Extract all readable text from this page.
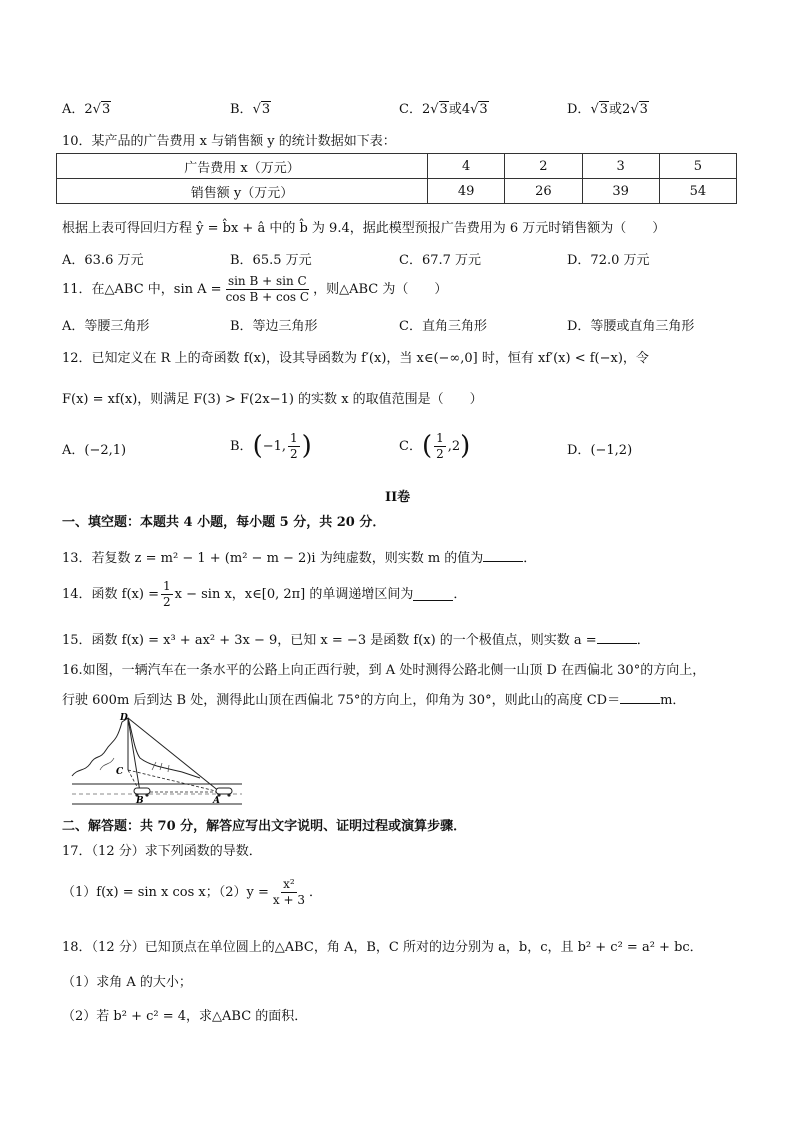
A．2√3	B．√3	C．2√3或4√3	D．√3或2√3
10．某产品的广告费用 x 与销售额 y 的统计数据如下表：
广告费用 x（万元）	4	2	3	5
销售额 y（万元）	49	26	39	54
根据上表可得回归方程 ŷ = b̂x + â 中的 b̂ 为 9.4，据此模型预报广告费用为 6 万元时销售额为（　　）
A．63.6 万元	B．65.5 万元	C．67.7 万元	D．72.0 万元
11．在△ABC 中，$\sin A = \frac{\text{sin B + sin C}}{\text{cos B + cos C}}$ ，则△ABC 为（　　）
A．等腰三角形	B．等边三角形	C．直角三角形	D．等腰或直角三角形
12．已知定义在 R 上的奇函数 f(x)，设其导函数为 f′(x)，当 x∈(−∞,0] 时，恒有 xf′(x) < f(−x)，令
F(x) = xf(x)，则满足 F(3) > F(2x−1) 的实数 x 的取值范围是（　　）
A．(−2,1)	B． ( −1, $\frac{1}{2}$ )	C． ( $\frac{1}{2} ,2$ )	D．(−1,2)
II卷
一、填空题：本题共 4 小题，每小题 5 分，共 20 分．
13．若复数 z = m² − 1 + (m² − m − 2)i 为纯虚数，则实数 m 的值为	．
14．函数 $f(x) = \frac{1}{2}$ x − sin x，x∈[0, 2π] 的单调递增区间为	．
15．函数 f(x) = x³ + ax² + 3x − 9，已知 x = −3 是函数 f(x) 的一个极值点，则实数 a =	．
16.如图，一辆汽车在一条水平的公路上向正西行驶，到 A 处时测得公路北侧一山顶 D 在西偏北 30°的方向上，
行驶 600m 后到达 B 处，测得此山顶在西偏北 75°的方向上，仰角为 30°，则此山的高度 CD＝	m．
D
C
B	A
二、解答题：共 70 分，解答应写出文字说明、证明过程或演算步骤．
17．（12 分）求下列函数的导数．
（1）f(x) = sin x cos x；$(2)y = \frac{\text{x²}}{x + 3}$ ．
18．（12 分）已知顶点在单位圆上的△ABC，角 A，B，C 所对的边分别为 a，b，c，且 b² + c² = a² + bc．
（1）求角 A 的大小；
（2）若 b² + c² = 4，求△ABC 的面积．
